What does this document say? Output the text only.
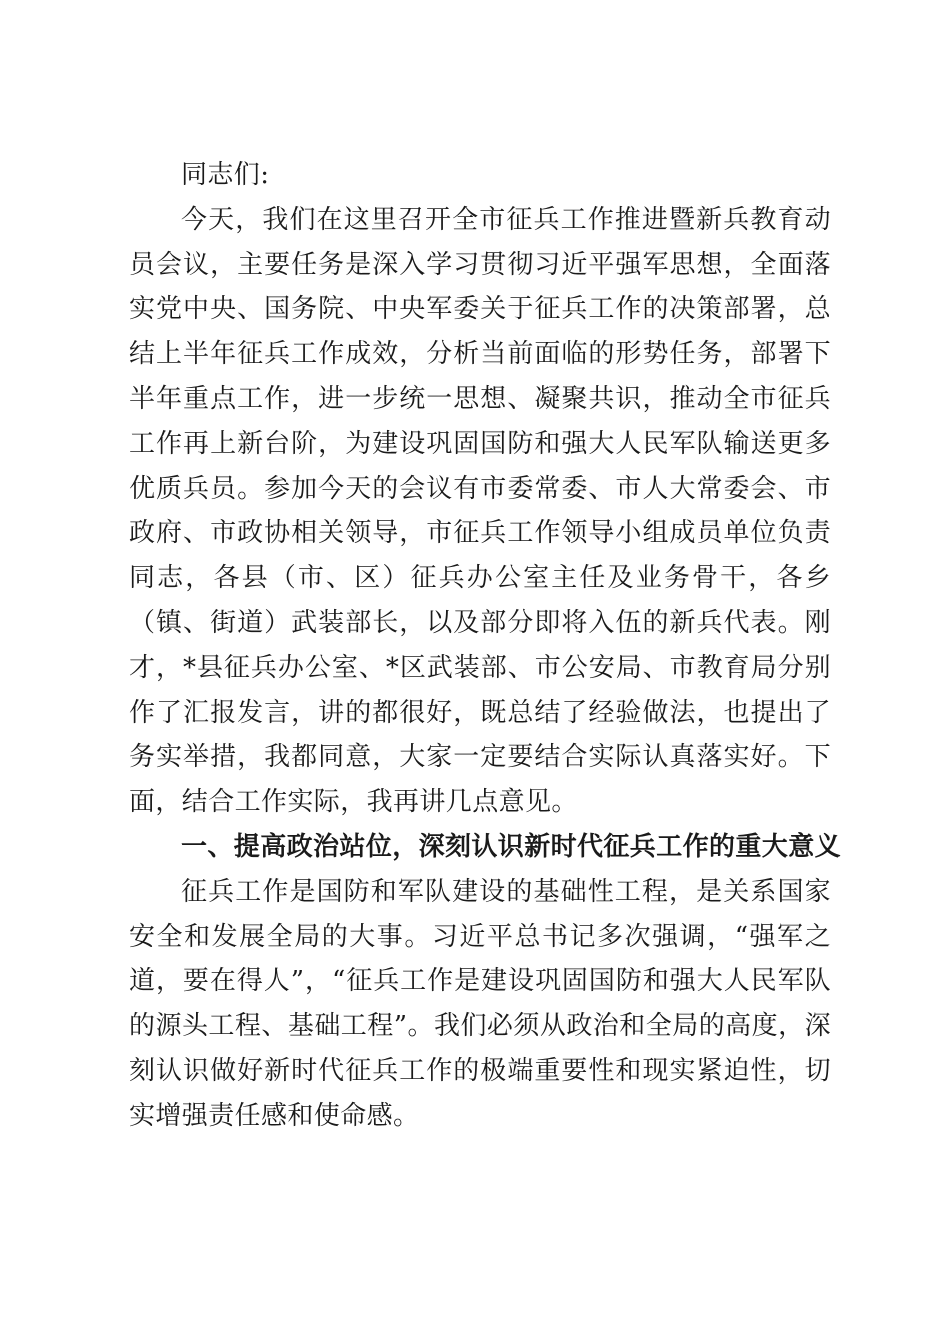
同志们:

今天，我们在这里召开全市征兵工作推进暨新兵教育动员会议，主要任务是深入学习贯彻习近平强军思想，全面落实党中央、国务院、中央军委关于征兵工作的决策部署，总结上半年征兵工作成效，分析当前面临的形势任务，部署下半年重点工作，进一步统一思想、凝聚共识，推动全市征兵工作再上新台阶，为建设巩固国防和强大人民军队输送更多优质兵员。参加今天的会议有市委常委、市人大常委会、市政府、市政协相关领导，市征兵工作领导小组成员单位负责同志，各县（市、区）征兵办公室主任及业务骨干，各乡（镇、街道）武装部长，以及部分即将入伍的新兵代表。刚才，*县征兵办公室、*区武装部、市公安局、市教育局分别作了汇报发言，讲的都很好，既总结了经验做法，也提出了务实举措，我都同意，大家一定要结合实际认真落实好。下面，结合工作实际，我再讲几点意见。

一、提高政治站位，深刻认识新时代征兵工作的重大意义

征兵工作是国防和军队建设的基础性工程，是关系国家安全和发展全局的大事。习近平总书记多次强调，“强军之道，要在得人”，“征兵工作是建设巩固国防和强大人民军队的源头工程、基础工程”。我们必须从政治和全局的高度，深刻认识做好新时代征兵工作的极端重要性和现实紧迫性，切实增强责任感和使命感。
